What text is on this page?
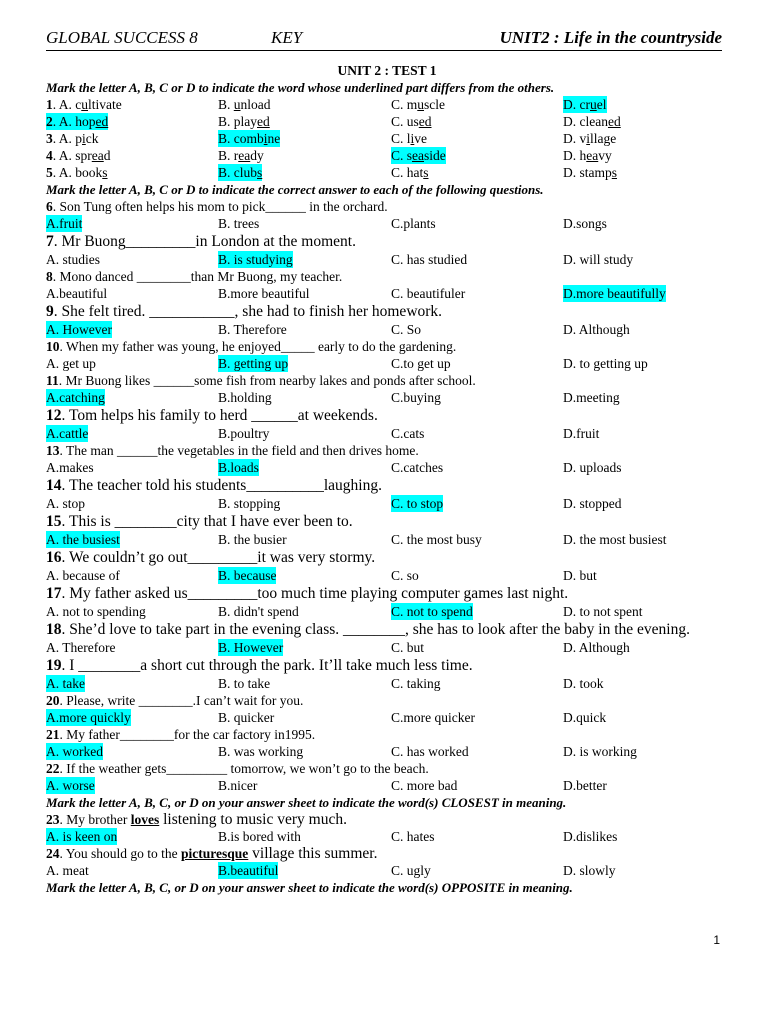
GLOBAL SUCCESS 8	KEY	UNIT2 : Life in the countryside
UNIT 2 : TEST 1
Mark the letter A, B, C or D to indicate the word whose underlined part differs from the others.
1. A. cultivate	B. unload	C. muscle	D. cruel
2. A. hoped	B. played	C. used	D. cleaned
3. A. pick	B. combine	C. live	D. village
4. A. spread	B. ready	C. seaside	D. heavy
5. A. books	B. clubs	C. hats	D. stamps
Mark the letter A, B, C or D to indicate the correct answer to each of the following questions.
6. Son Tung often helps his mom to pick______ in the orchard.
A.fruit	B. trees	C.plants	D.songs
7. Mr Buong_________in London at the moment.
A. studies	B. is studying	C. has studied	D. will study
8. Mono danced ________than Mr Buong, my teacher.
A.beautiful	B.more beautiful	C. beautifuler	D.more beautifully
9. She felt tired. ___________, she had to finish her homework.
A. However	B. Therefore	C. So	D. Although
10. When my father was young, he enjoyed_____ early to do the gardening.
A. get up	B. getting up	C.to get up	D. to getting up
11. Mr Buong likes ______some fish from nearby lakes and ponds after school.
A.catching	B.holding	C.buying	D.meeting
12. Tom helps his family to herd ______at weekends.
A.cattle	B.poultry	C.cats	D.fruit
13. The man ______the vegetables in the field and then drives home.
A.makes	B.loads	C.catches	D. uploads
14. The teacher told his students__________laughing.
A. stop	B. stopping	C. to stop	D. stopped
15. This is ________city that I have ever been to.
A. the busiest	B. the busier	C. the most busy	D. the most busiest
16. We couldn’t go out_________it was very stormy.
A. because of	B. because	C. so	D. but
17. My father asked us_________too much time playing computer games last night.
A. not to spending	B. didn't spend	C. not to spend	D. to not spent
18. She’d love to take part in the evening class. ________, she has to look after the baby in the evening.
A. Therefore	B. However	C. but	D. Although
19. I ________a short cut through the park. It’ll take much less time.
A. take	B. to take	C. taking	D. took
20. Please, write ________.I can’t wait for you.
A.more quickly	B. quicker	C.more quicker	D.quick
21. My father________for the car factory in1995.
A. worked	B. was working	C. has worked	D. is working
22. If the weather gets_________ tomorrow, we won’t go to the beach.
A. worse	B.nicer	C. more bad	D.better
Mark the letter A, B, C, or D on your answer sheet to indicate the word(s) CLOSEST in meaning.
23. My brother loves listening to music very much.
A. is keen on	B.is bored with	C. hates	D.dislikes
24. You should go to the picturesque village this summer.
A. meat	B.beautiful	C. ugly	D. slowly
Mark the letter A, B, C, or D on your answer sheet to indicate the word(s) OPPOSITE in meaning.
1
